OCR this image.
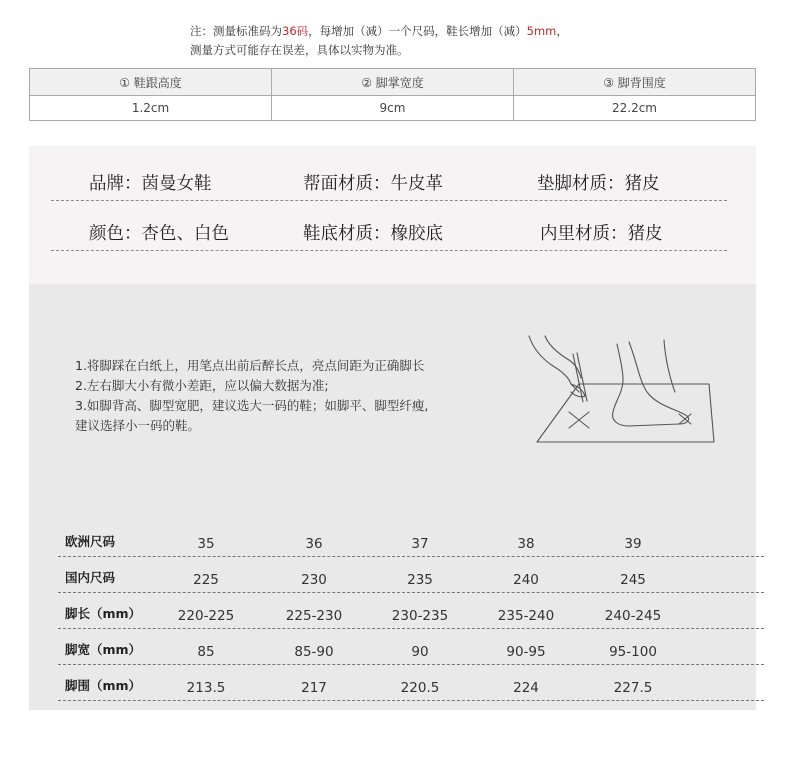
注：测量标准码为36码，每增加（减）一个尺码，鞋长增加（减）5mm，
测量方式可能存在误差，具体以实物为准。
① 鞋跟高度	② 脚掌宽度	③ 脚背围度
1.2cm	9cm	22.2cm
品牌：茵曼女鞋	帮面材质：牛皮革	垫脚材质：猪皮
颜色：杏色、白色	鞋底材质：橡胶底	内里材质：猪皮
1.将脚踩在白纸上，用笔点出前后醉长点，亮点间距为正确脚长
2.左右脚大小有微小差距，应以偏大数据为准;
3.如脚背高、脚型宽肥，建议选大一码的鞋；如脚平、脚型纤瘦,
建议选择小一码的鞋。
欧洲尺码	35	36	37	38	39
国内尺码	225	230	235	240	245
脚长（mm）	220-225	225-230	230-235	235-240	240-245
脚宽（mm）	85	85-90	90	90-95	95-100
脚围（mm）	213.5	217	220.5	224	227.5
